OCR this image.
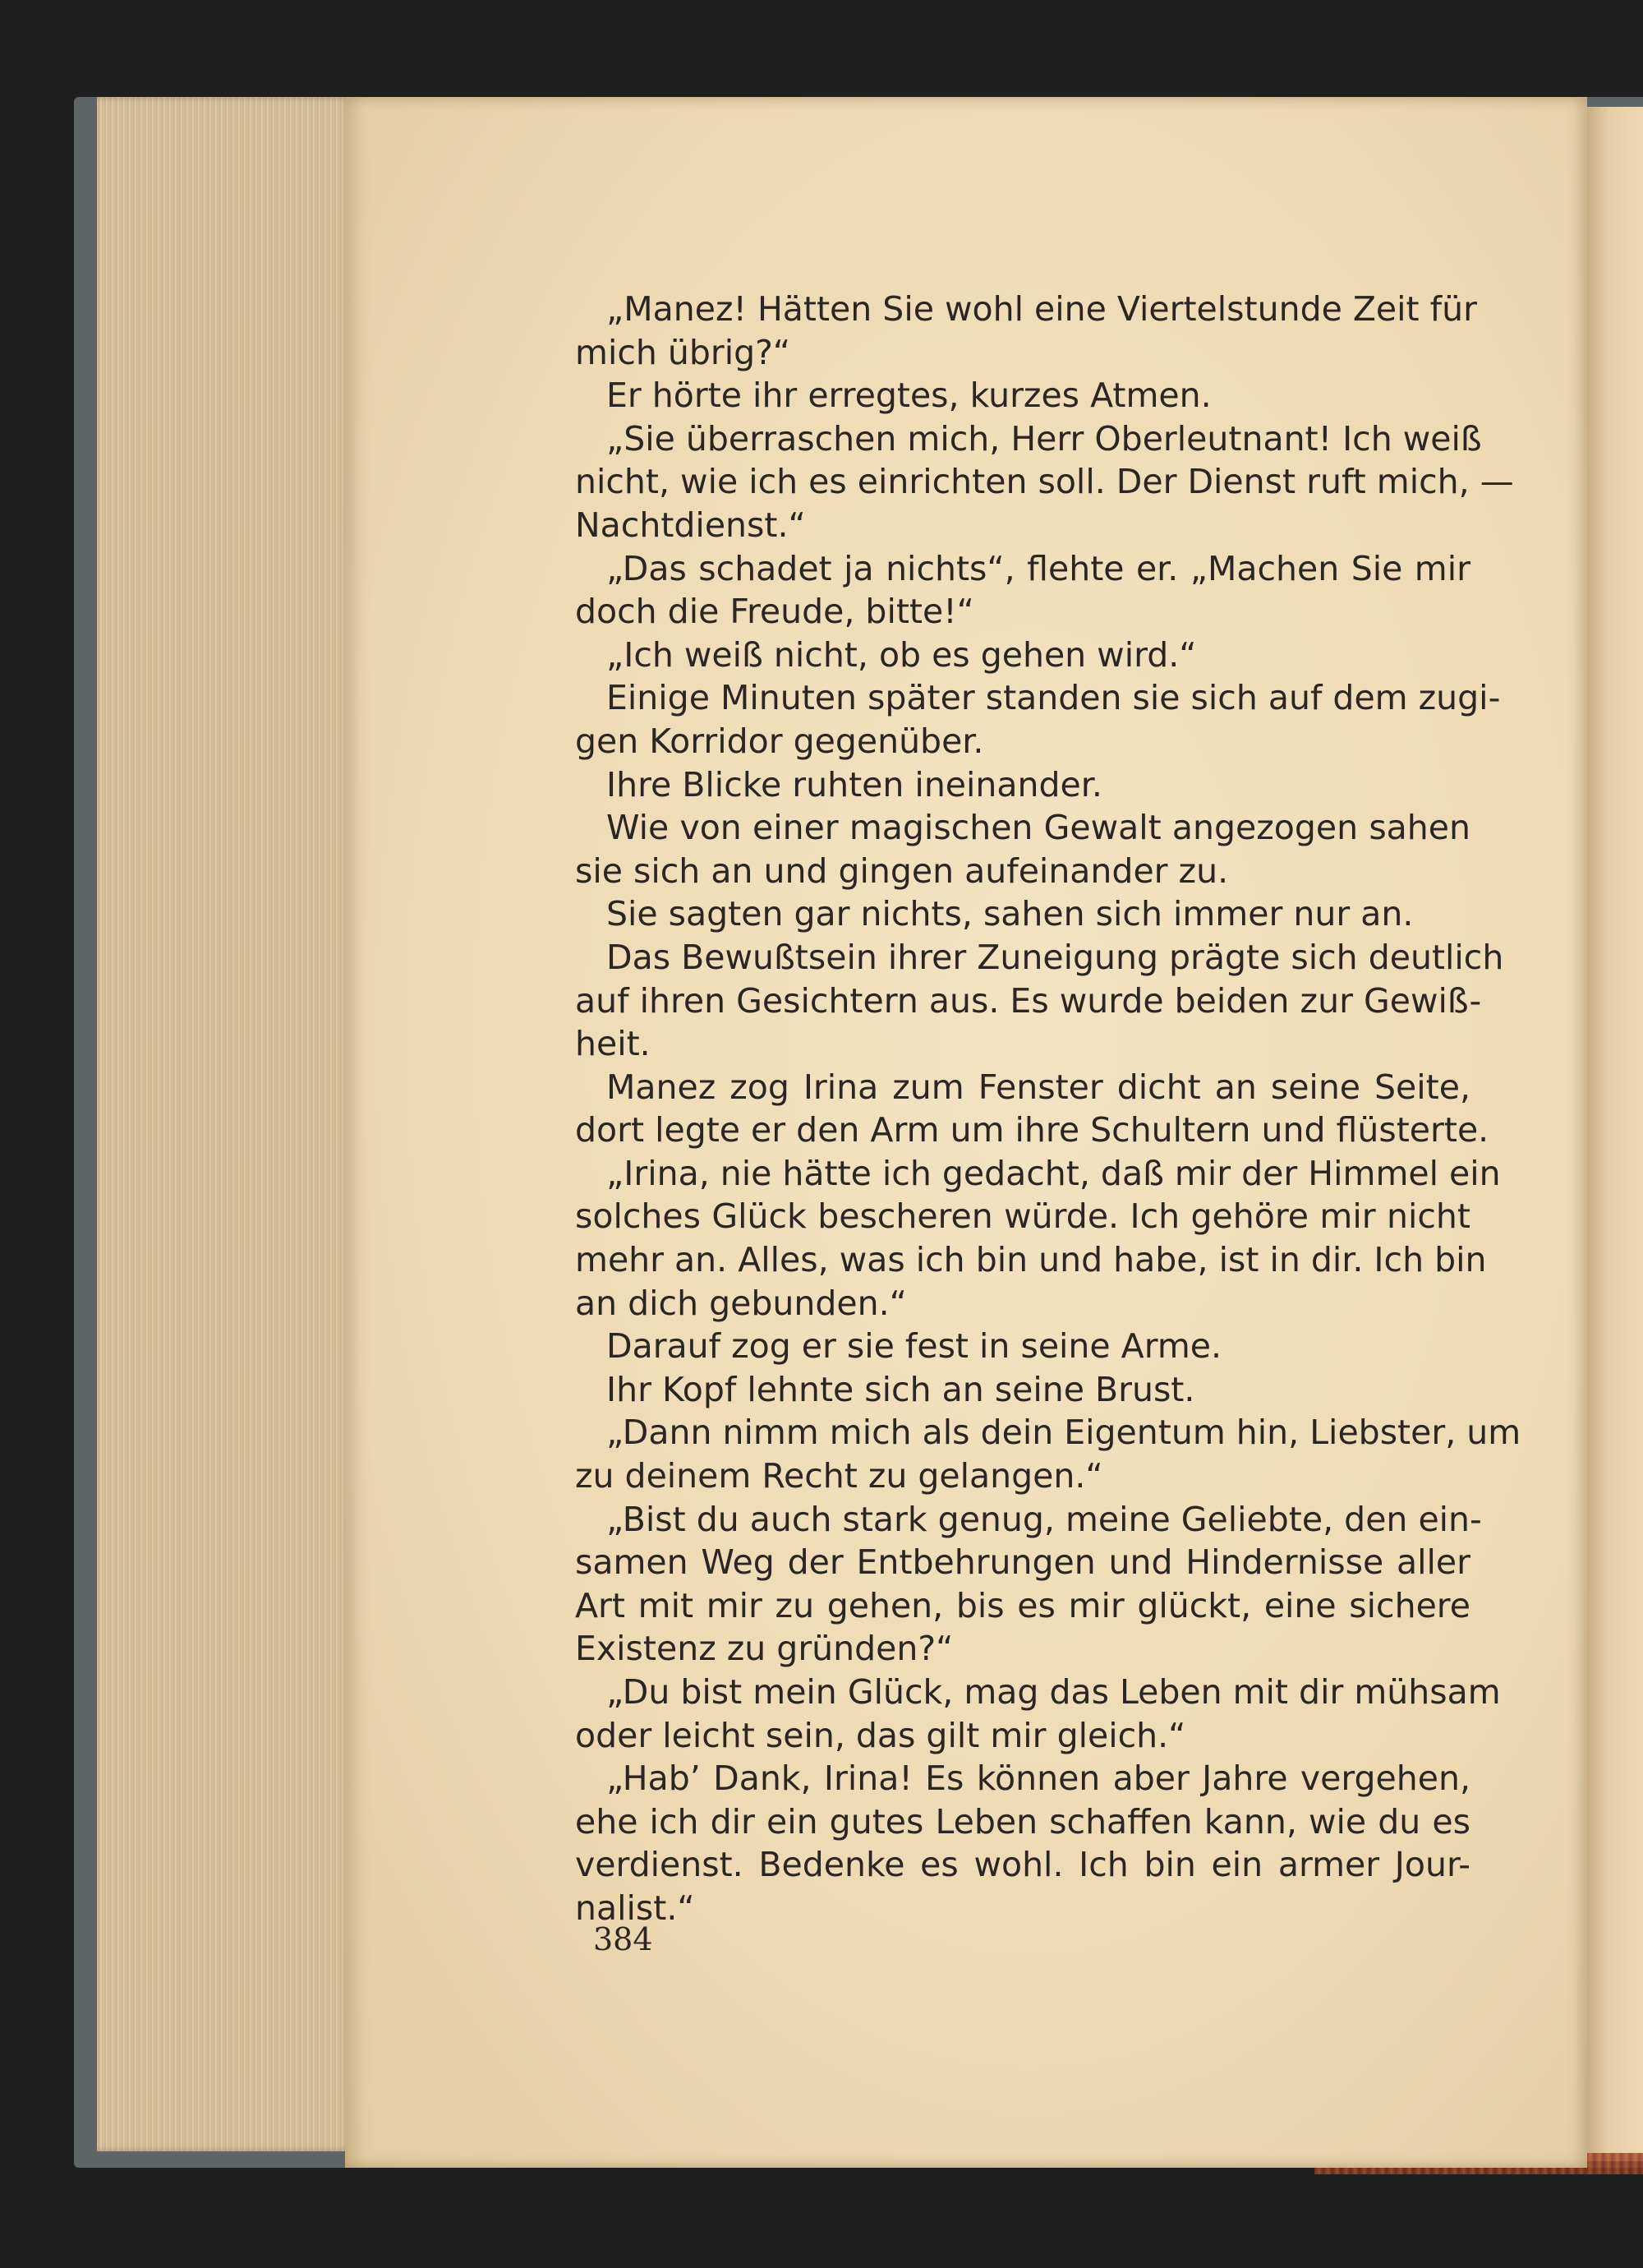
„Manez! Hätten Sie wohl eine Viertelstunde Zeit für
mich übrig?“
Er hörte ihr erregtes, kurzes Atmen.
„Sie überraschen mich, Herr Oberleutnant! Ich weiß
nicht, wie ich es einrichten soll. Der Dienst ruft mich, —
Nachtdienst.“
„Das schadet ja nichts“, flehte er. „Machen Sie mir
doch die Freude, bitte!“
„Ich weiß nicht, ob es gehen wird.“
Einige Minuten später standen sie sich auf dem zugi-
gen Korridor gegenüber.
Ihre Blicke ruhten ineinander.
Wie von einer magischen Gewalt angezogen sahen
sie sich an und gingen aufeinander zu.
Sie sagten gar nichts, sahen sich immer nur an.
Das Bewußtsein ihrer Zuneigung prägte sich deutlich
auf ihren Gesichtern aus. Es wurde beiden zur Gewiß-
heit.
Manez zog Irina zum Fenster dicht an seine Seite,
dort legte er den Arm um ihre Schultern und flüsterte.
„Irina, nie hätte ich gedacht, daß mir der Himmel ein
solches Glück bescheren würde. Ich gehöre mir nicht
mehr an. Alles, was ich bin und habe, ist in dir. Ich bin
an dich gebunden.“
Darauf zog er sie fest in seine Arme.
Ihr Kopf lehnte sich an seine Brust.
„Dann nimm mich als dein Eigentum hin, Liebster, um
zu deinem Recht zu gelangen.“
„Bist du auch stark genug, meine Geliebte, den ein-
samen Weg der Entbehrungen und Hindernisse aller
Art mit mir zu gehen, bis es mir glückt, eine sichere
Existenz zu gründen?“
„Du bist mein Glück, mag das Leben mit dir mühsam
oder leicht sein, das gilt mir gleich.“
„Hab’ Dank, Irina! Es können aber Jahre vergehen,
ehe ich dir ein gutes Leben schaffen kann, wie du es
verdienst. Bedenke es wohl. Ich bin ein armer Jour-
nalist.“
384
